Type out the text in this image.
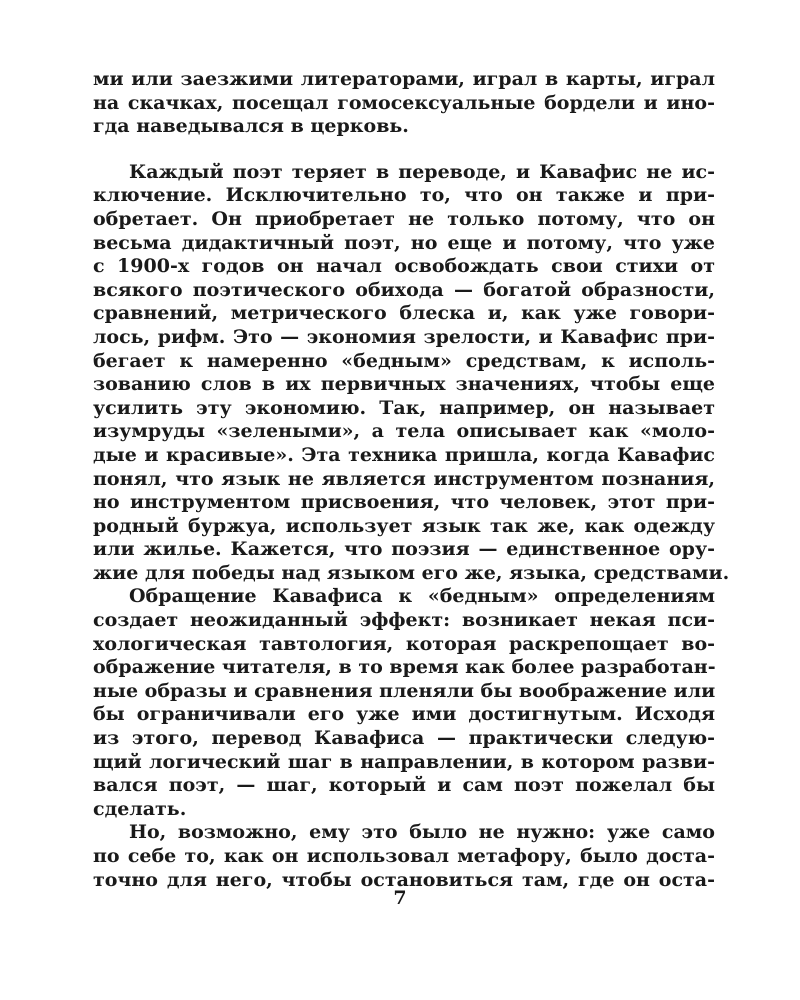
ми или заезжими литераторами, играл в карты, играл
на скачках, посещал гомосексуальные бордели и ино-
гда наведывался в церковь.
Каждый поэт теряет в переводе, и Кавафис не ис-
ключение. Исключительно то, что он также и при-
обретает. Он приобретает не только потому, что он
весьма дидактичный поэт, но еще и потому, что уже
с 1900-х годов он начал освобождать свои стихи от
всякого поэтического обихода — богатой образности,
сравнений, метрического блеска и, как уже говори-
лось, рифм. Это — экономия зрелости, и Кавафис при-
бегает к намеренно «бедным» средствам, к исполь-
зованию слов в их первичных значениях, чтобы еще
усилить эту экономию. Так, например, он называет
изумруды «зелеными», а тела описывает как «моло-
дые и красивые». Эта техника пришла, когда Кавафис
понял, что язык не является инструментом познания,
но инструментом присвоения, что человек, этот при-
родный буржуа, использует язык так же, как одежду
или жилье. Кажется, что поэзия — единственное ору-
жие для победы над языком его же, языка, средствами.
Обращение Кавафиса к «бедным» определениям
создает неожиданный эффект: возникает некая пси-
хологическая тавтология, которая раскрепощает во-
ображение читателя, в то время как более разработан-
ные образы и сравнения пленяли бы воображение или
бы ограничивали его уже ими достигнутым. Исходя
из этого, перевод Кавафиса — практически следую-
щий логический шаг в направлении, в котором разви-
вался поэт, — шаг, который и сам поэт пожелал бы
сделать.
Но, возможно, ему это было не нужно: уже само
по себе то, как он использовал метафору, было доста-
точно для него, чтобы остановиться там, где он оста-
7
